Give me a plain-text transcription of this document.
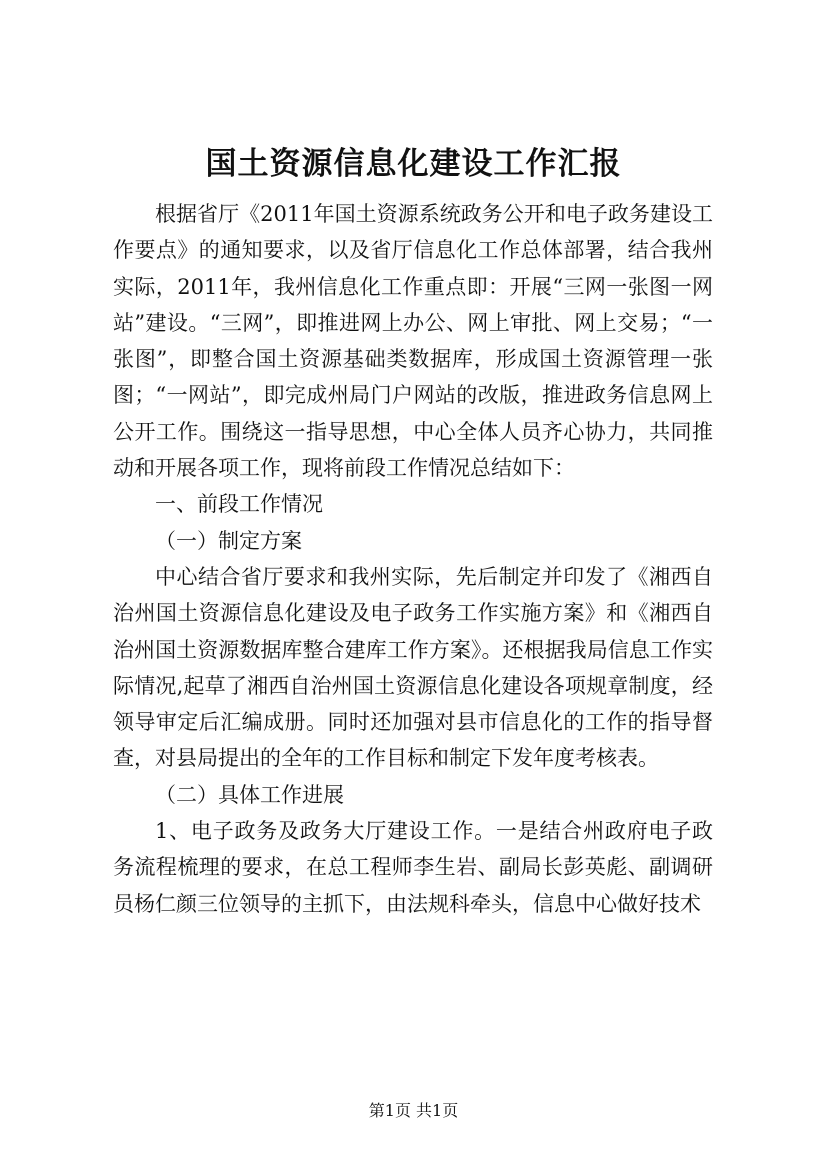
国土资源信息化建设工作汇报

根据省厅《2011年国土资源系统政务公开和电子政务建设工作要点》的通知要求，以及省厅信息化工作总体部署，结合我州实际，2011年，我州信息化工作重点即：开展“三网一张图一网站”建设。“三网”，即推进网上办公、网上审批、网上交易；“一张图”，即整合国土资源基础类数据库，形成国土资源管理一张图；“一网站”，即完成州局门户网站的改版，推进政务信息网上公开工作。围绕这一指导思想，中心全体人员齐心协力，共同推动和开展各项工作，现将前段工作情况总结如下：

一、前段工作情况

（一）制定方案

中心结合省厅要求和我州实际，先后制定并印发了《湘西自治州国土资源信息化建设及电子政务工作实施方案》和《湘西自治州国土资源数据库整合建库工作方案》。还根据我局信息工作实际情况,起草了湘西自治州国土资源信息化建设各项规章制度，经领导审定后汇编成册。同时还加强对县市信息化的工作的指导督查，对县局提出的全年的工作目标和制定下发年度考核表。

（二）具体工作进展

1、电子政务及政务大厅建设工作。一是结合州政府电子政务流程梳理的要求，在总工程师李生岩、副局长彭英彪、副调研员杨仁颜三位领导的主抓下，由法规科牵头，信息中心做好技术

第1页 共1页
